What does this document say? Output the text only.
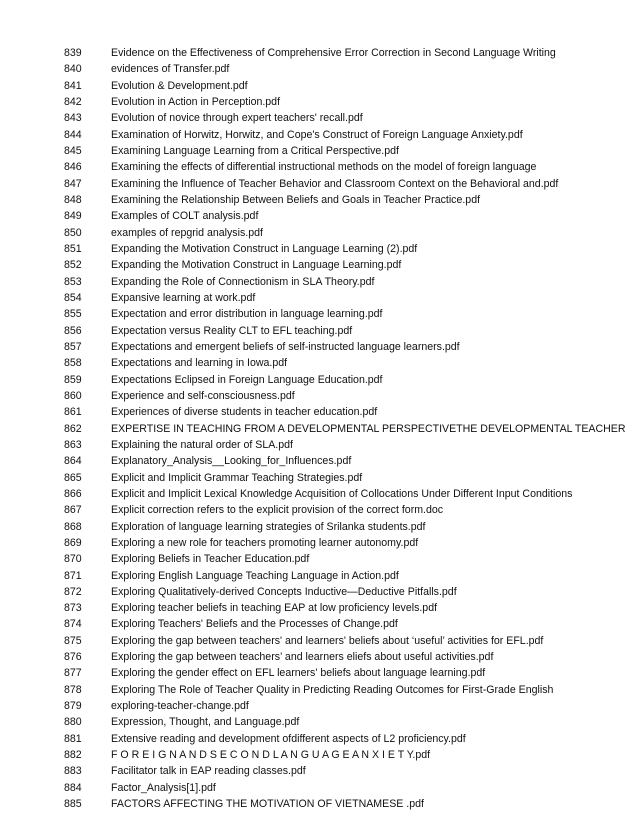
839	Evidence on the Effectiveness of Comprehensive Error Correction in Second Language Writing
840	evidences of Transfer.pdf
841	Evolution & Development.pdf
842	Evolution in Action in Perception.pdf
843	Evolution of novice through expert teachers' recall.pdf
844	Examination of Horwitz, Horwitz, and Cope's Construct of Foreign Language Anxiety.pdf
845	Examining Language Learning from a Critical Perspective.pdf
846	Examining the effects of differential instructional methods on the model of foreign language
847	Examining the Influence of Teacher Behavior and Classroom Context on the Behavioral and.pdf
848	Examining the Relationship Between Beliefs and Goals in Teacher Practice.pdf
849	Examples of COLT analysis.pdf
850	examples of repgrid analysis.pdf
851	Expanding the Motivation Construct in Language Learning (2).pdf
852	Expanding the Motivation Construct in Language Learning.pdf
853	Expanding the Role of Connectionism in SLA Theory.pdf
854	Expansive learning at work.pdf
855	Expectation and error distribution in language learning.pdf
856	Expectation versus Reality CLT to EFL teaching.pdf
857	Expectations and emergent beliefs of self-instructed language learners.pdf
858	Expectations and learning in Iowa.pdf
859	Expectations Eclipsed in Foreign Language Education.pdf
860	Experience and self-consciousness.pdf
861	Experiences of diverse students in teacher education.pdf
862	EXPERTISE IN TEACHING FROM A DEVELOPMENTAL PERSPECTIVETHE DEVELOPMENTAL TEACHER
863	Explaining the natural order of SLA.pdf
864	Explanatory_Analysis__Looking_for_Influences.pdf
865	Explicit and Implicit Grammar Teaching Strategies.pdf
866	Explicit and Implicit Lexical Knowledge Acquisition of Collocations Under Different Input Conditions
867	Explicit correction refers to the explicit provision of the correct form.doc
868	Exploration of language learning strategies of Srilanka students.pdf
869	Exploring a new role for teachers promoting learner autonomy.pdf
870	Exploring Beliefs in Teacher Education.pdf
871	Exploring English Language Teaching Language in Action.pdf
872	Exploring Qualitatively-derived Concepts Inductive—Deductive Pitfalls.pdf
873	Exploring teacher beliefs in teaching EAP at low proficiency levels.pdf
874	Exploring Teachers' Beliefs and the Processes of Change.pdf
875	Exploring the gap between teachers' and learners' beliefs about ‘useful’ activities for EFL.pdf
876	Exploring the gap between teachers’ and learners eliefs about useful activities.pdf
877	Exploring the gender effect on EFL learners' beliefs about language learning.pdf
878	Exploring The Role of Teacher Quality in Predicting Reading Outcomes for First-Grade English
879	exploring-teacher-change.pdf
880	Expression, Thought, and Language.pdf
881	Extensive reading and development ofdifferent aspects of L2 proficiency.pdf
882	F O R E I G N A N D S E C O N D L A N G U A G E A N X I E T Y.pdf
883	Facilitator talk in EAP reading classes.pdf
884	Factor_Analysis[1].pdf
885	FACTORS AFFECTING THE MOTIVATION OF VIETNAMESE .pdf
